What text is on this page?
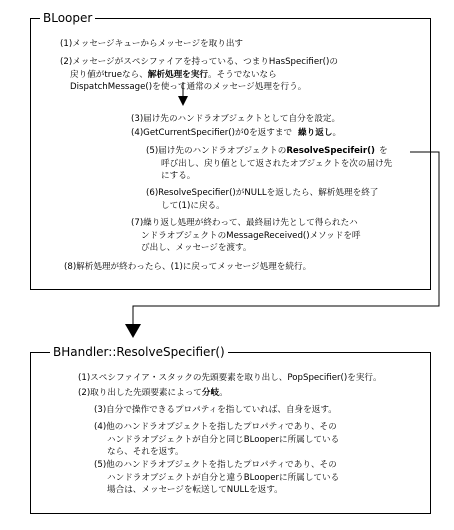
BLooper
(1)メッセージキューからメッセージを取り出す
(2)メッセージがスペシファイアを持っている、つまりHasSpecifier()の
戻り値がtrueなら、解析処理を実行。そうでないなら
DispatchMessage()を使って通常のメッセージ処理を行う。
(3)届け先のハンドラオブジェクトとして自分を設定。
(4)GetCurrentSpecifier()が0を返すまで 繰り返し。
(5)届け先のハンドラオブジェクトのResolveSpecifeir() を
呼び出し、戻り値として返されたオブジェクトを次の届け先
にする。
(6)ResolveSpecifier()がNULLを返したら、解析処理を終了
して(1)に戻る。
(7)繰り返し処理が終わって、最終届け先として得られたハ
ンドラオブジェクトのMessageReceived()メソッドを呼
び出し、メッセージを渡す。
(8)解析処理が終わったら、(1)に戻ってメッセージ処理を続行。
BHandler::ResolveSpecifier()
(1)スペシファイア・スタックの先頭要素を取り出し、PopSpecifier()を実行。
(2)取り出した先頭要素によって分岐。
(3)自分で操作できるプロパティを指していれば、自身を返す。
(4)他のハンドラオブジェクトを指したプロパティであり、その
ハンドラオブジェクトが自分と同じBLooperに所属している
なら、それを返す。
(5)他のハンドラオブジェクトを指したプロパティであり、その
ハンドラオブジェクトが自分と違うBLooperに所属している
場合は、メッセージを転送してNULLを返す。
